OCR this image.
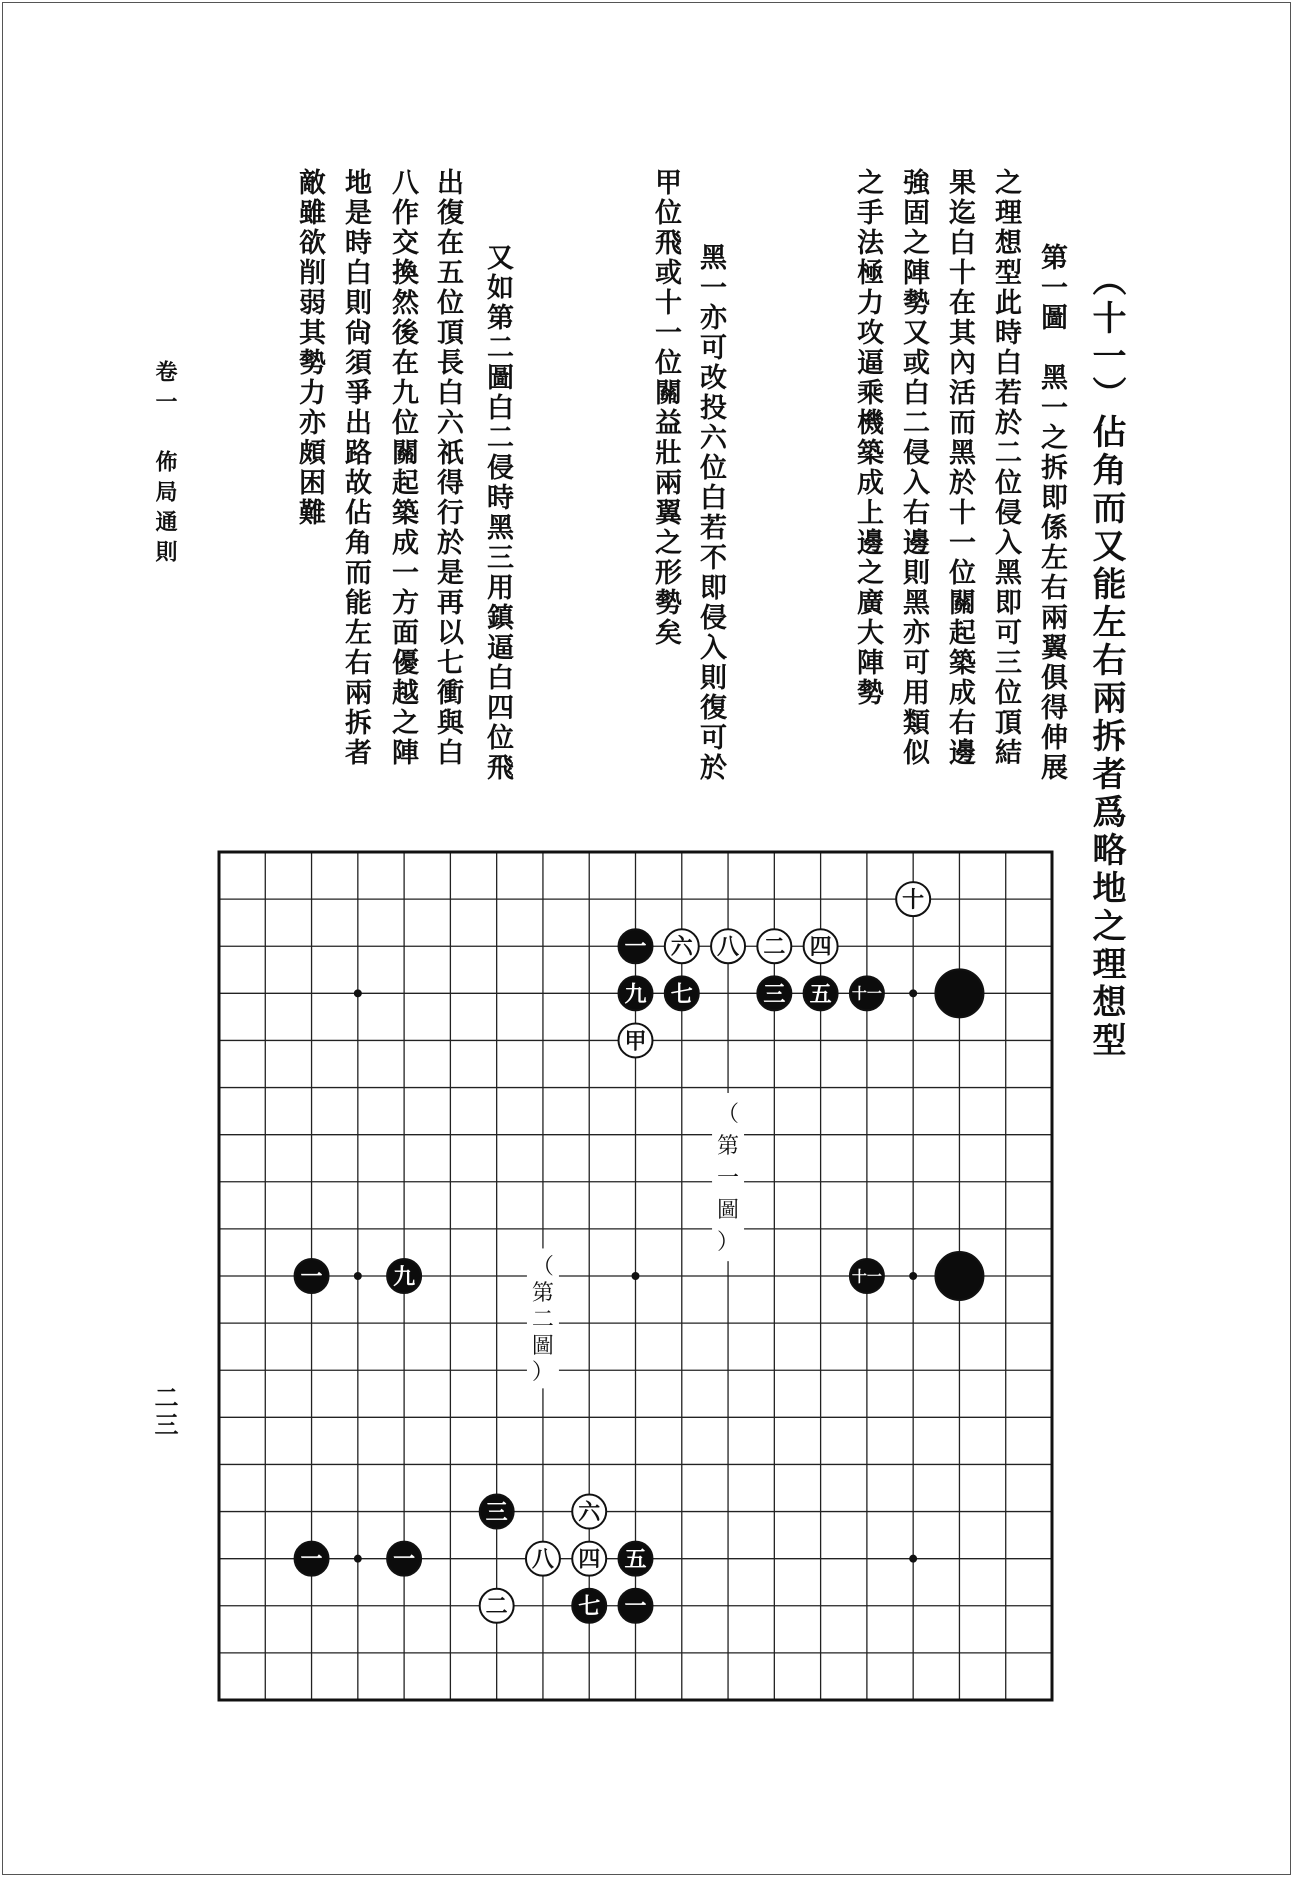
（十一）佔角而又能左右兩拆者爲略地之理想型
第一圖　黑一之拆即係左右兩翼俱得伸展
之理想型此時白若於二位侵入黑即可三位頂結
果迄白十在其內活而黑於十一位關起築成右邊
強固之陣勢又或白二侵入右邊則黑亦可用類似
之手法極力攻逼乘機築成上邊之廣大陣勢
黑一亦可改投六位白若不即侵入則復可於
甲位飛或十一位關益壯兩翼之形勢矣
又如第二圖白二侵時黑三用鎮逼白四位飛
出復在五位頂長白六祇得行於是再以七衝與白
八作交換然後在九位關起築成一方面優越之陣
地是時白則尙須爭出路故佔角而能左右兩拆者
敵雖欲削弱其勢力亦頗困難
卷一　佈局通則
二三
（
第
一
圖
）
（
第
二
圖
）
一 六 八 二 四
十
九 七	三 五 十一
甲
十一
一	九
三	六
八 四 五
二	七 一
一	一
